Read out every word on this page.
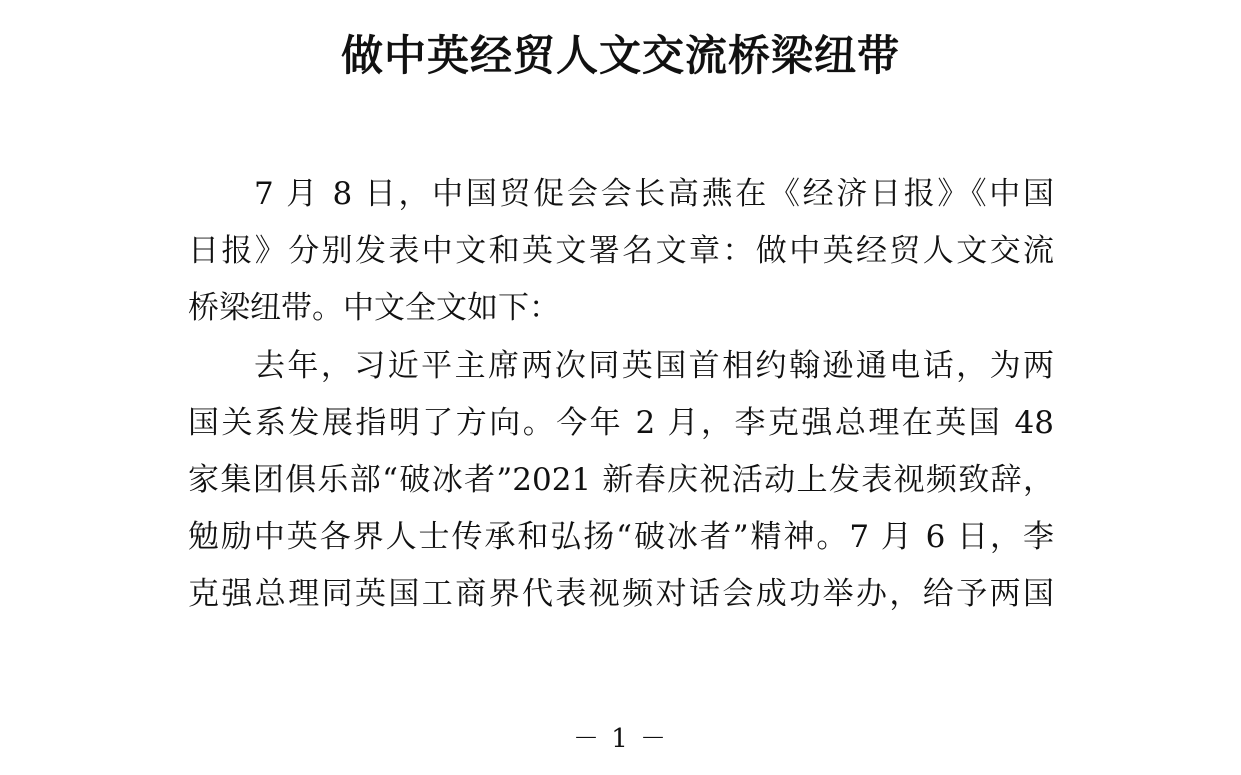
做中英经贸人文交流桥梁纽带
7 月 8 日，中国贸促会会长高燕在《经济日报》《中国
日报》分别发表中文和英文署名文章：做中英经贸人文交流
桥梁纽带。中文全文如下：
去年，习近平主席两次同英国首相约翰逊通电话，为两
国关系发展指明了方向。今年 2 月，李克强总理在英国 48
家集团俱乐部“破冰者”2021 新春庆祝活动上发表视频致辞，
勉励中英各界人士传承和弘扬“破冰者”精神。7 月 6 日，李
克强总理同英国工商界代表视频对话会成功举办，给予两国
－ 1 －
